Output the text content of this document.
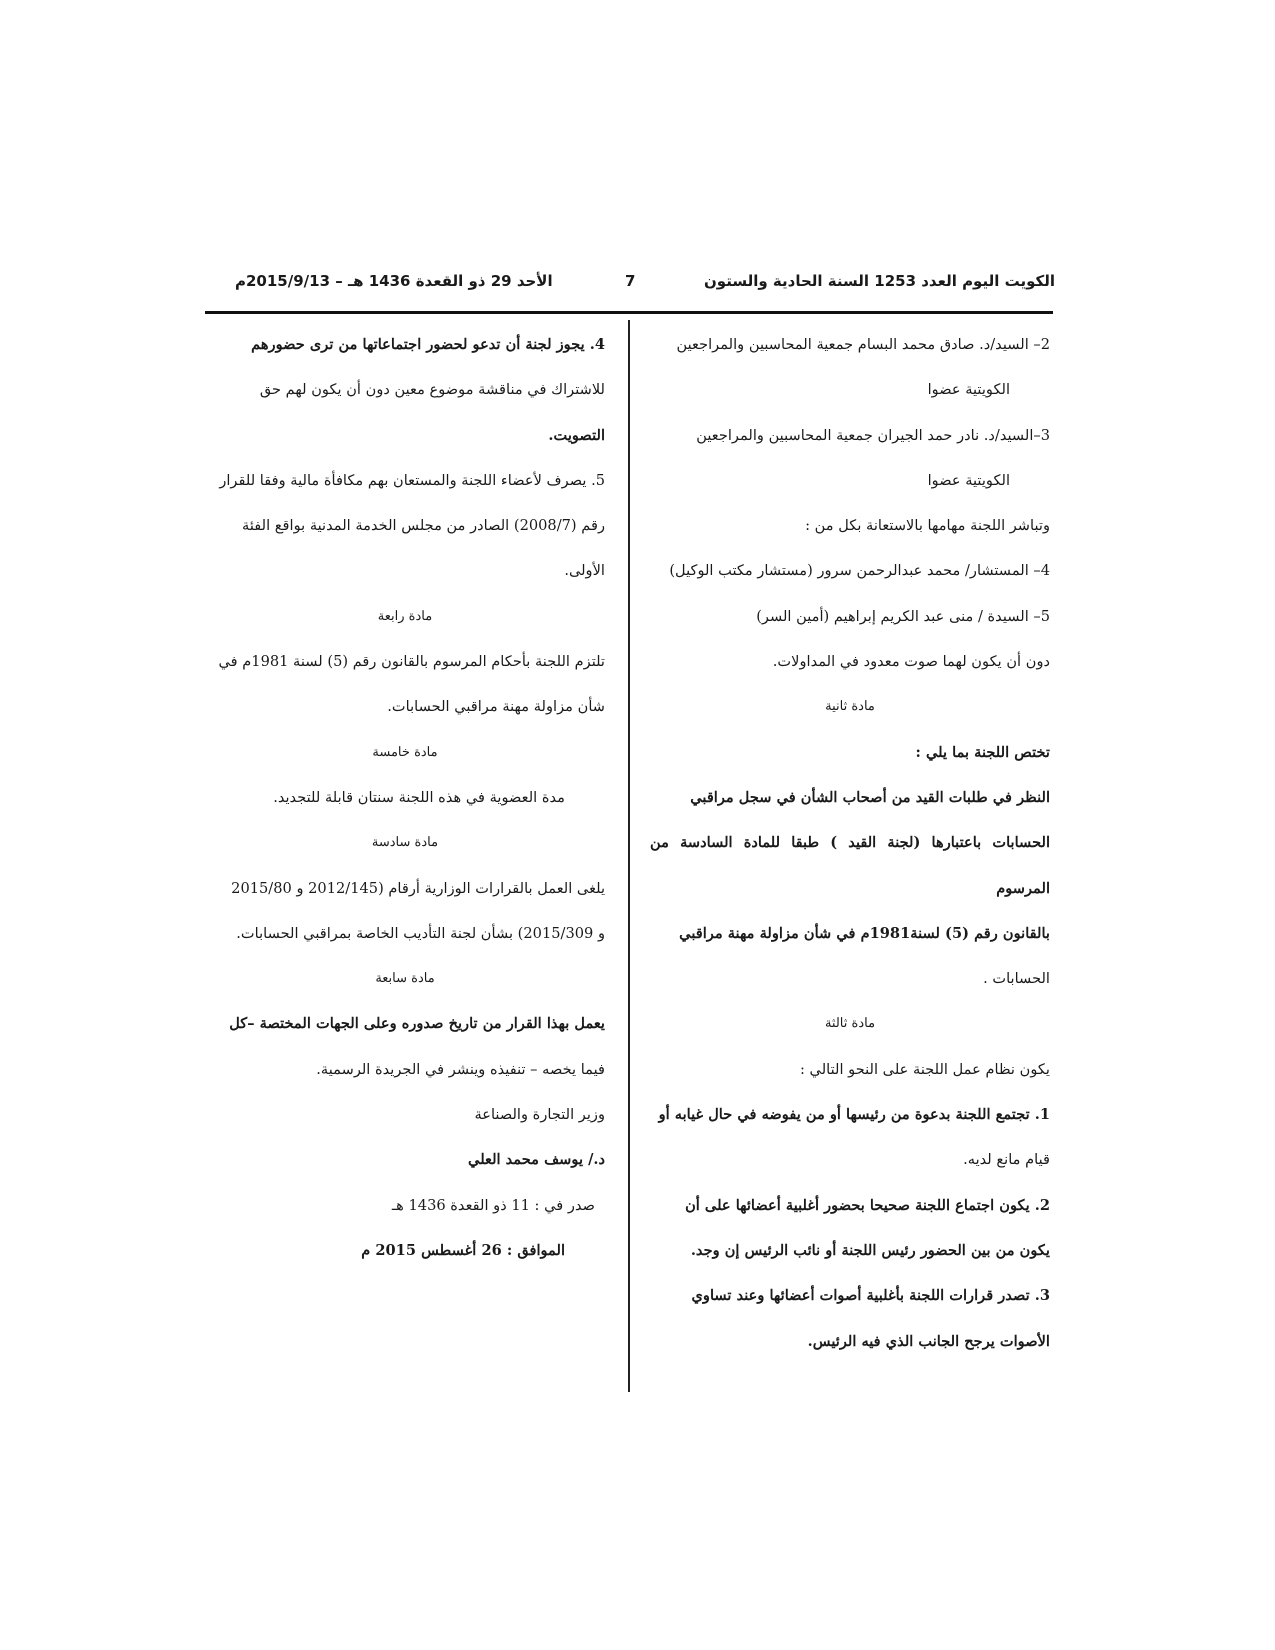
الكويت اليوم العدد 1253 السنة الحادية والستون
7
الأحد 29 ذو القعدة 1436 هـ – 2015/9/13م

2– السيد/د. صادق محمد البسام جمعية المحاسبين والمراجعين

الكويتية عضوا

3–السيد/د. نادر حمد الجيران جمعية المحاسبين والمراجعين

الكويتية عضوا

وتباشر اللجنة مهامها بالاستعانة بكل من :

4– المستشار/ محمد عبدالرحمن سرور (مستشار مكتب الوكيل)

5– السيدة / منى عبد الكريم إبراهيم (أمين السر)

دون أن يكون لهما صوت معدود في المداولات.

مادة ثانية

تختص اللجنة بما يلي :

النظر في طلبات القيد من أصحاب الشأن في سجل مراقبي

الحسابات باعتبارها (لجنة القيد ) طبقا للمادة السادسة من المرسوم

بالقانون رقم (5) لسنة1981م في شأن مزاولة مهنة مراقبي

الحسابات .

مادة ثالثة

يكون نظام عمل اللجنة على النحو التالي :

1. تجتمع اللجنة بدعوة من رئيسها أو من يفوضه في حال غيابه أو

قيام مانع لديه.

2. يكون اجتماع اللجنة صحيحا بحضور أغلبية أعضائها على أن

يكون من بين الحضور رئيس اللجنة أو نائب الرئيس إن وجد.

3. تصدر قرارات اللجنة بأغلبية أصوات أعضائها وعند تساوي

الأصوات يرجح الجانب الذي فيه الرئيس.

4. يجوز لجنة أن تدعو لحضور اجتماعاتها من ترى حضورهم

للاشتراك في مناقشة موضوع معين دون أن يكون لهم حق

التصويت.

5. يصرف لأعضاء اللجنة والمستعان بهم مكافأة مالية وفقا للقرار

رقم (2008/7) الصادر من مجلس الخدمة المدنية بواقع الفئة

الأولى.

مادة رابعة

تلتزم اللجنة بأحكام المرسوم بالقانون رقم (5) لسنة 1981م في

شأن مزاولة مهنة مراقبي الحسابات.

مادة خامسة

مدة العضوية في هذه اللجنة سنتان قابلة للتجديد.

مادة سادسة

يلغى العمل بالقرارات الوزارية أرقام (2012/145 و 2015/80

و 2015/309) بشأن لجنة التأديب الخاصة بمراقبي الحسابات.

مادة سابعة

يعمل بهذا القرار من تاريخ صدوره وعلى الجهات المختصة –كل

فيما يخصه – تنفيذه وينشر في الجريدة الرسمية.

وزير التجارة والصناعة

د./ يوسف محمد العلي

صدر في : 11 ذو القعدة 1436 هـ

الموافق : 26 أغسطس 2015 م
